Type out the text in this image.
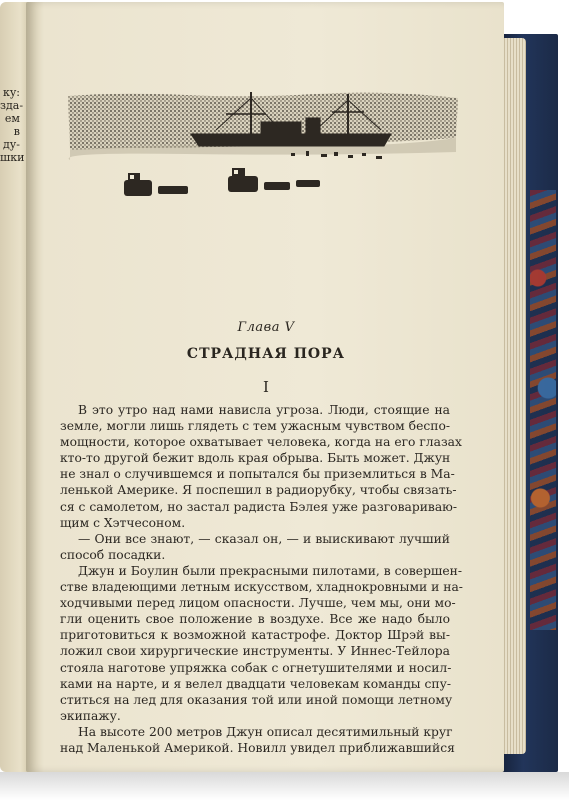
ку:
зда-
ем
в
ду-
шки
Глава V
СТРАДНАЯ ПОРА
I
В это утро над нами нависла угроза. Люди, стоящие на
земле, могли лишь глядеть с тем ужасным чувством беспо-
мощности, которое охватывает человека, когда на его глазах
кто-то другой бежит вдоль края обрыва. Быть может. Джун
не знал о случившемся и попытался бы приземлиться в Ма-
ленькой Америке. Я поспешил в радиорубку, чтобы связать-
ся с самолетом, но застал радиста Бэлея уже разговариваю-
щим с Хэтчесоном.
— Они все знают, — сказал он, — и выискивают лучший
способ посадки.
Джун и Боулин были прекрасными пилотами, в совершен-
стве владеющими летным искусством, хладнокровными и на-
ходчивыми перед лицом опасности. Лучше, чем мы, они мо-
гли оценить свое положение в воздухе. Все же надо было
приготовиться к возможной катастрофе. Доктор Шрэй вы-
ложил свои хирургические инструменты. У Иннес-Тейлора
стояла наготове упряжка собак с огнетушителями и носил-
ками на нарте, и я велел двадцати человекам команды спу-
ститься на лед для оказания той или иной помощи летному
экипажу.
На высоте 200 метров Джун описал десятимильный круг
над Маленькой Америкой. Новилл увидел приближавшийся
